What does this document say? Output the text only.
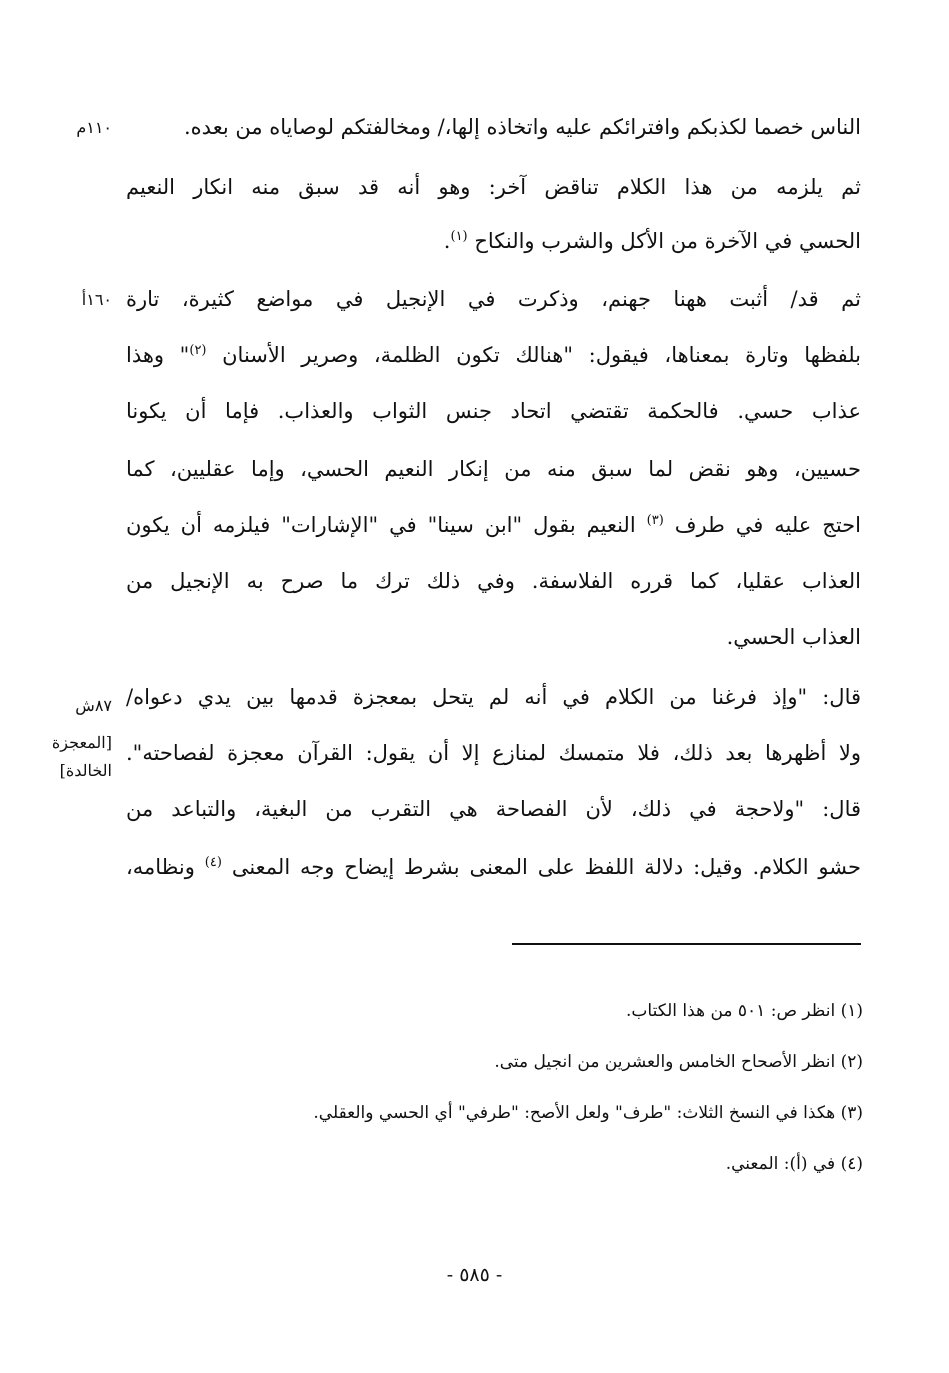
١١٠م
١٦٠أ
٨٧ش
[المعجزة
الخالدة]
الناس خصما لكذبكم وافترائكم عليه واتخاذه إلها،/ ومخالفتكم لوصاياه من بعده.
ثم يلزمه من هذا الكلام تناقض آخر: وهو أنه قد سبق منه انكار النعيم
الحسي في الآخرة من الأكل والشرب والنكاح $^{(١)}$.
ثم قد/ أثبت ههنا جهنم، وذكرت في الإنجيل في مواضع كثيرة، تارة
بلفظها وتارة بمعناها، فيقول: "هنالك تكون الظلمة، وصرير الأسنان $^{(٢)}$" وهذا
عذاب حسي. فالحكمة تقتضي اتحاد جنس الثواب والعذاب. فإما أن يكونا
حسيين، وهو نقض لما سبق منه من إنكار النعيم الحسي، وإما عقليين، كما
احتج عليه في طرف $^{(٣)}$ النعيم بقول "ابن سينا" في "الإشارات" فيلزمه أن يكون
العذاب عقليا، كما قرره الفلاسفة. وفي ذلك ترك ما صرح به الإنجيل من
العذاب الحسي.
قال: "وإذ فرغنا من الكلام في أنه لم يتحل بمعجزة قدمها بين يدي دعواه/
ولا أظهرها بعد ذلك، فلا متمسك لمنازع إلا أن يقول: القرآن معجزة لفصاحته".
قال: "ولاحجة في ذلك، لأن الفصاحة هي التقرب من البغية، والتباعد من
حشو الكلام. وقيل: دلالة اللفظ على المعنى بشرط إيضاح وجه المعنى $^{(٤)}$ ونظامه،
(١) انظر ص: ٥٠١ من هذا الكتاب.
(٢) انظر الأصحاح الخامس والعشرين من انجيل متى.
(٣) هكذا في النسخ الثلاث: "طرف" ولعل الأصح: "طرفي" أي الحسي والعقلي.
(٤) في (أ): المعني.
- ٥٨٥ -
